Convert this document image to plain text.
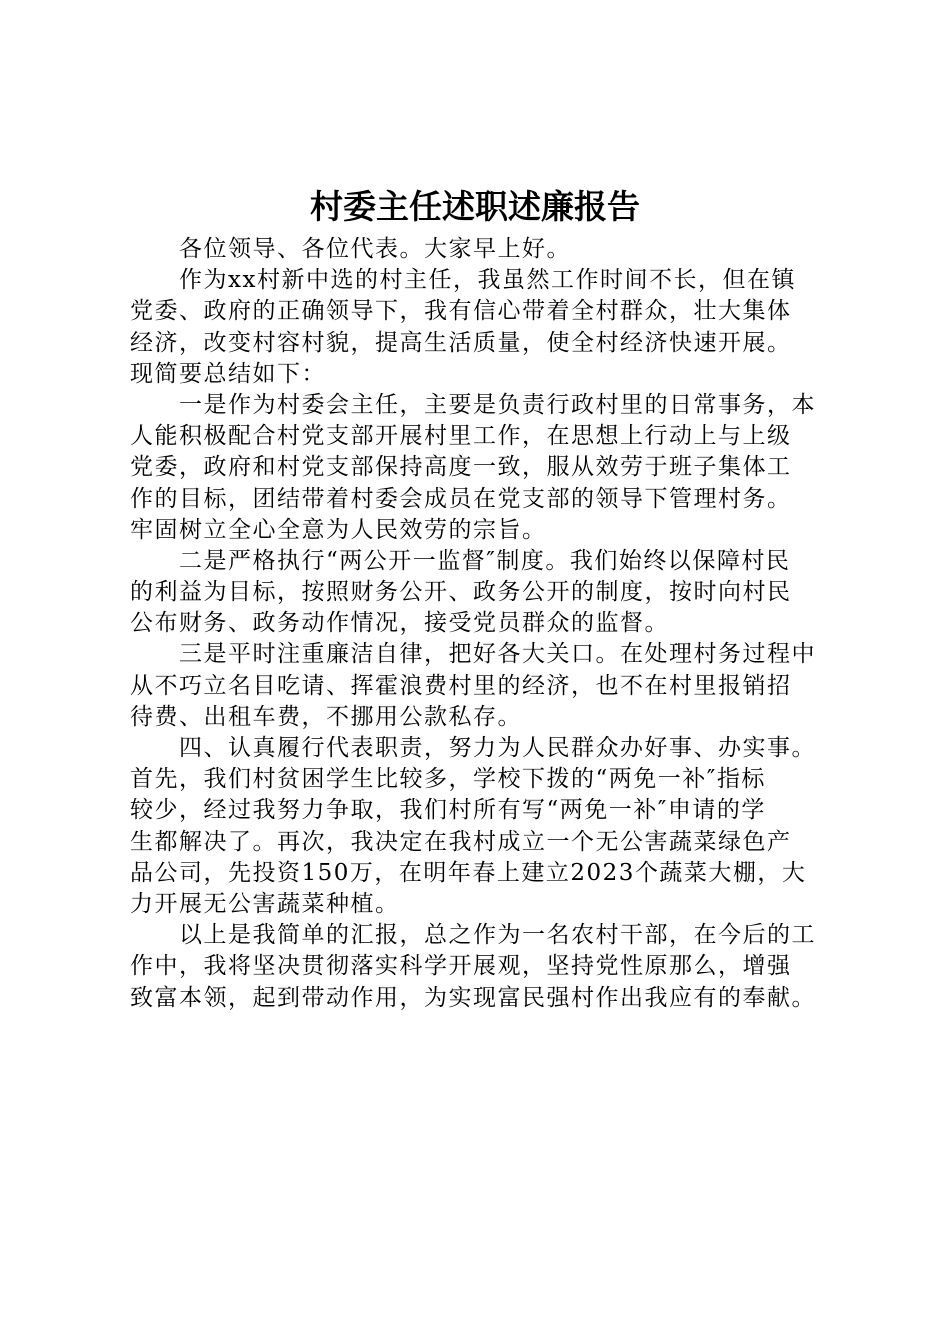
村委主任述职述廉报告
各位领导、各位代表。大家早上好。
作为xx村新中选的村主任，我虽然工作时间不长，但在镇
党委、政府的正确领导下，我有信心带着全村群众，壮大集体
经济，改变村容村貌，提高生活质量，使全村经济快速开展。
现简要总结如下：
一是作为村委会主任，主要是负责行政村里的日常事务，本
人能积极配合村党支部开展村里工作，在思想上行动上与上级
党委，政府和村党支部保持高度一致，服从效劳于班子集体工
作的目标，团结带着村委会成员在党支部的领导下管理村务。
牢固树立全心全意为人民效劳的宗旨。
二是严格执行“两公开一监督″制度。我们始终以保障村民
的利益为目标，按照财务公开、政务公开的制度，按时向村民
公布财务、政务动作情况，接受党员群众的监督。
三是平时注重廉洁自律，把好各大关口。在处理村务过程中
从不巧立名目吃请、挥霍浪费村里的经济，也不在村里报销招
待费、出租车费，不挪用公款私存。
四、认真履行代表职责，努力为人民群众办好事、办实事。
首先，我们村贫困学生比较多，学校下拨的“两免一补″指标
较少，经过我努力争取，我们村所有写“两免一补″申请的学
生都解决了。再次，我决定在我村成立一个无公害蔬菜绿色产
品公司，先投资150万，在明年春上建立2023个蔬菜大棚，大
力开展无公害蔬菜种植。
以上是我简单的汇报，总之作为一名农村干部，在今后的工
作中，我将坚决贯彻落实科学开展观，坚持党性原那么，增强
致富本领，起到带动作用，为实现富民强村作出我应有的奉献。
